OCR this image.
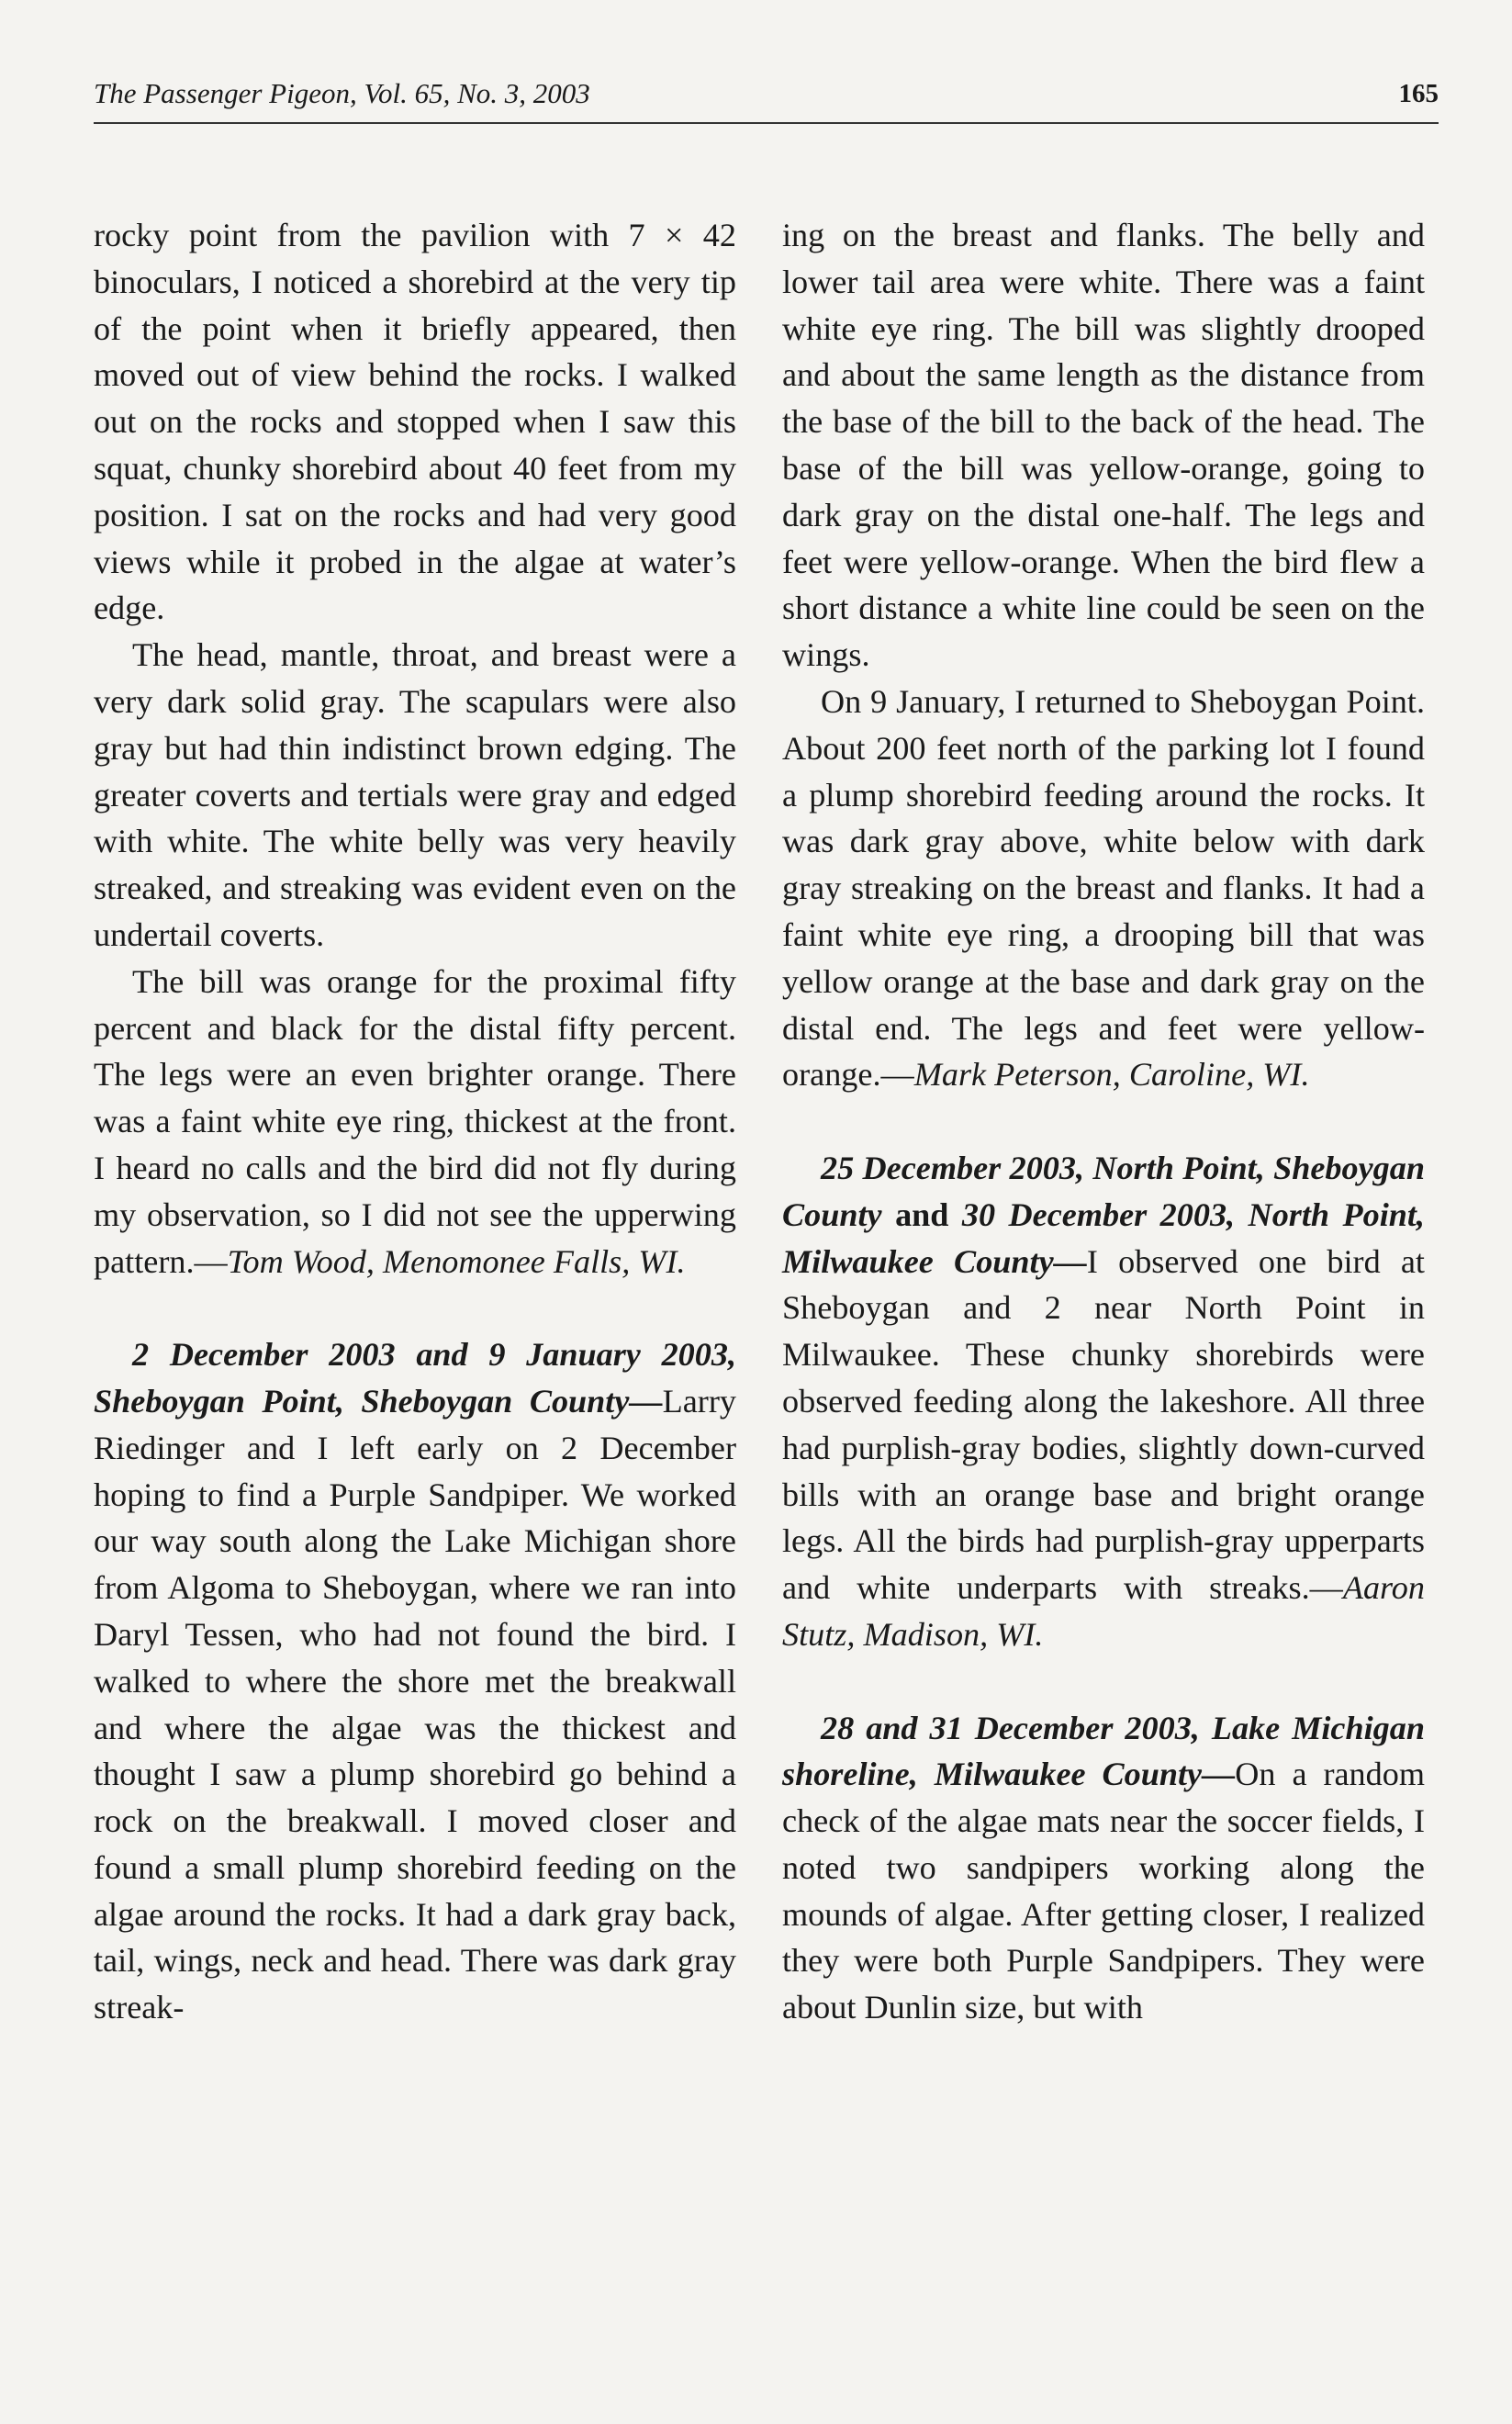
The Passenger Pigeon, Vol. 65, No. 3, 2003	165

rocky point from the pavilion with 7 × 42 binoculars, I noticed a shorebird at the very tip of the point when it briefly appeared, then moved out of view behind the rocks. I walked out on the rocks and stopped when I saw this squat, chunky shorebird about 40 feet from my position. I sat on the rocks and had very good views while it probed in the algae at water’s edge.

The head, mantle, throat, and breast were a very dark solid gray. The scapulars were also gray but had thin indistinct brown edging. The greater coverts and tertials were gray and edged with white. The white belly was very heavily streaked, and streaking was evident even on the undertail coverts.

The bill was orange for the proximal fifty percent and black for the distal fifty percent. The legs were an even brighter orange. There was a faint white eye ring, thickest at the front. I heard no calls and the bird did not fly during my observation, so I did not see the upperwing pattern.—Tom Wood, Menomonee Falls, WI.

2 December 2003 and 9 January 2003, Sheboygan Point, Sheboygan County—Larry Riedinger and I left early on 2 December hoping to find a Purple Sandpiper. We worked our way south along the Lake Michigan shore from Algoma to Sheboygan, where we ran into Daryl Tessen, who had not found the bird. I walked to where the shore met the breakwall and where the algae was the thickest and thought I saw a plump shorebird go behind a rock on the breakwall. I moved closer and found a small plump shorebird feeding on the algae around the rocks. It had a dark gray back, tail, wings, neck and head. There was dark gray streak-

ing on the breast and flanks. The belly and lower tail area were white. There was a faint white eye ring. The bill was slightly drooped and about the same length as the distance from the base of the bill to the back of the head. The base of the bill was yellow-orange, going to dark gray on the distal one-half. The legs and feet were yellow-orange. When the bird flew a short distance a white line could be seen on the wings.

On 9 January, I returned to Sheboygan Point. About 200 feet north of the parking lot I found a plump shorebird feeding around the rocks. It was dark gray above, white below with dark gray streaking on the breast and flanks. It had a faint white eye ring, a drooping bill that was yellow orange at the base and dark gray on the distal end. The legs and feet were yellow-orange.—Mark Peterson, Caroline, WI.

25 December 2003, North Point, Sheboygan County and 30 December 2003, North Point, Milwaukee County—I observed one bird at Sheboygan and 2 near North Point in Milwaukee. These chunky shorebirds were observed feeding along the lakeshore. All three had purplish-gray bodies, slightly down-curved bills with an orange base and bright orange legs. All the birds had purplish-gray upperparts and white underparts with streaks.—Aaron Stutz, Madison, WI.

28 and 31 December 2003, Lake Michigan shoreline, Milwaukee County—On a random check of the algae mats near the soccer fields, I noted two sandpipers working along the mounds of algae. After getting closer, I realized they were both Purple Sandpipers. They were about Dunlin size, but with
